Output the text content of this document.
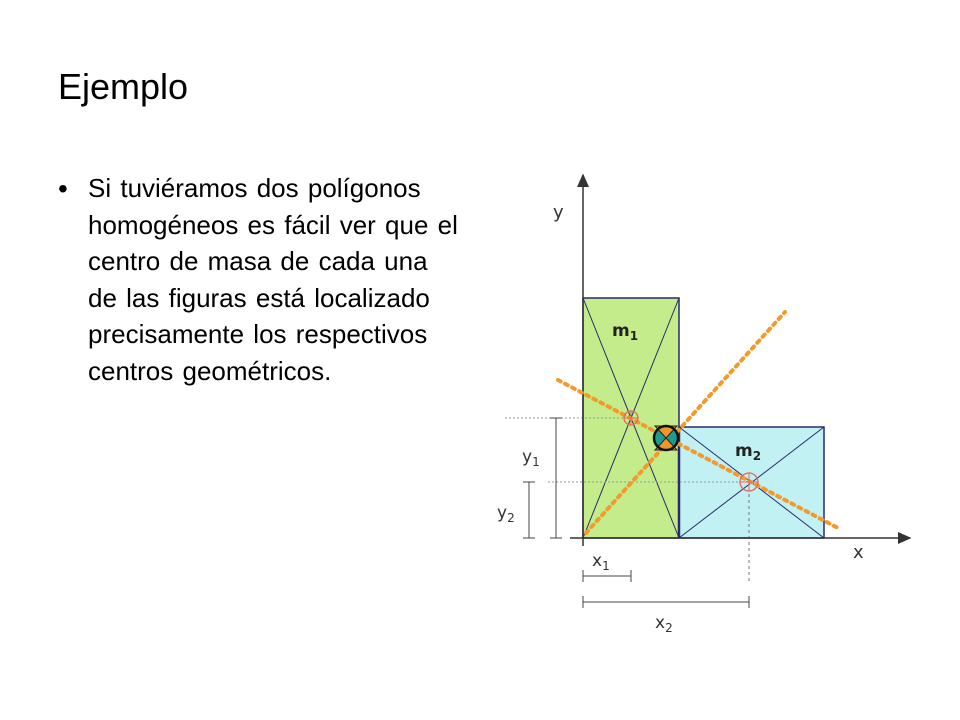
Ejemplo
• Si tuviéramos dos polígonos homogéneos es fácil ver que el centro de masa de cada una de las figuras está localizado precisamente los respectivos centros geométricos.
y
x
$m_1$
$m_2$
$y_1$
$y_2$
$x_1$
$x_2$
